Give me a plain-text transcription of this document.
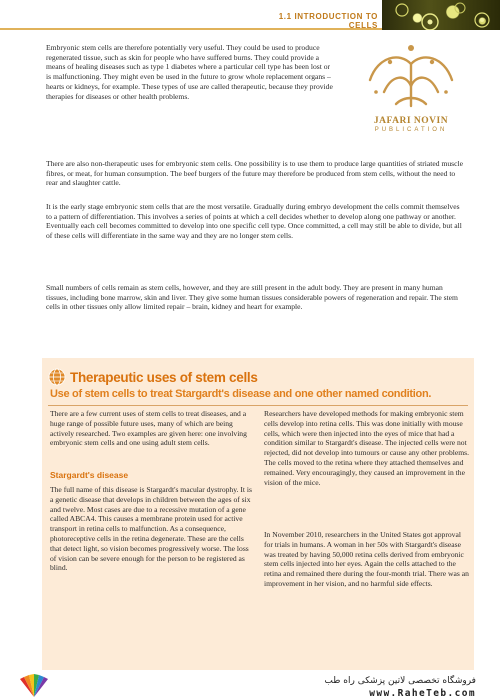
1.1 INTRODUCTION TO CELLS
JAFARI NOVIN
PUBLICATION

Embryonic stem cells are therefore potentially very useful. They could be used to produce regenerated tissue, such as skin for people who have suffered burns. They could provide a means of healing diseases such as type 1 diabetes where a particular cell type has been lost or is malfunctioning. They might even be used in the future to grow whole replacement organs – hearts or kidneys, for example. These types of use are called therapeutic, because they provide therapies for diseases or other health problems.

There are also non-therapeutic uses for embryonic stem cells. One possibility is to use them to produce large quantities of striated muscle fibres, or meat, for human consumption. The beef burgers of the future may therefore be produced from stem cells, without the need to rear and slaughter cattle.

It is the early stage embryonic stem cells that are the most versatile. Gradually during embryo development the cells commit themselves to a pattern of differentiation. This involves a series of points at which a cell decides whether to develop along one pathway or another. Eventually each cell becomes committed to develop into one specific cell type. Once committed, a cell may still be able to divide, but all of these cells will differentiate in the same way and they are no longer stem cells.

Small numbers of cells remain as stem cells, however, and they are still present in the adult body. They are present in many human tissues, including bone marrow, skin and liver. They give some human tissues considerable powers of regeneration and repair. The stem cells in other tissues only allow limited repair – brain, kidney and heart for example.

Therapeutic uses of stem cells
Use of stem cells to treat Stargardt's disease and one other named condition.

There are a few current uses of stem cells to treat diseases, and a huge range of possible future uses, many of which are being actively researched. Two examples are given here: one involving embryonic stem cells and one using adult stem cells.

Stargardt's disease

The full name of this disease is Stargardt's macular dystrophy. It is a genetic disease that develops in children between the ages of six and twelve. Most cases are due to a recessive mutation of a gene called ABCA4. This causes a membrane protein used for active transport in retina cells to malfunction. As a consequence, photoreceptive cells in the retina degenerate. These are the cells that detect light, so vision becomes progressively worse. The loss of vision can be severe enough for the person to be registered as blind.

Researchers have developed methods for making embryonic stem cells develop into retina cells. This was done initially with mouse cells, which were then injected into the eyes of mice that had a condition similar to Stargardt's disease. The injected cells were not rejected, did not develop into tumours or cause any other problems. The cells moved to the retina where they attached themselves and remained. Very encouragingly, they caused an improvement in the vision of the mice.

In November 2010, researchers in the United States got approval for trials in humans. A woman in her 50s with Stargardt's disease was treated by having 50,000 retina cells derived from embryonic stem cells injected into her eyes. Again the cells attached to the retina and remained there during the four-month trial. There was an improvement in her vision, and no harmful side effects.

فروشگاه تخصصی لاتین پزشکی راه طب
www.RaheTeb.com
